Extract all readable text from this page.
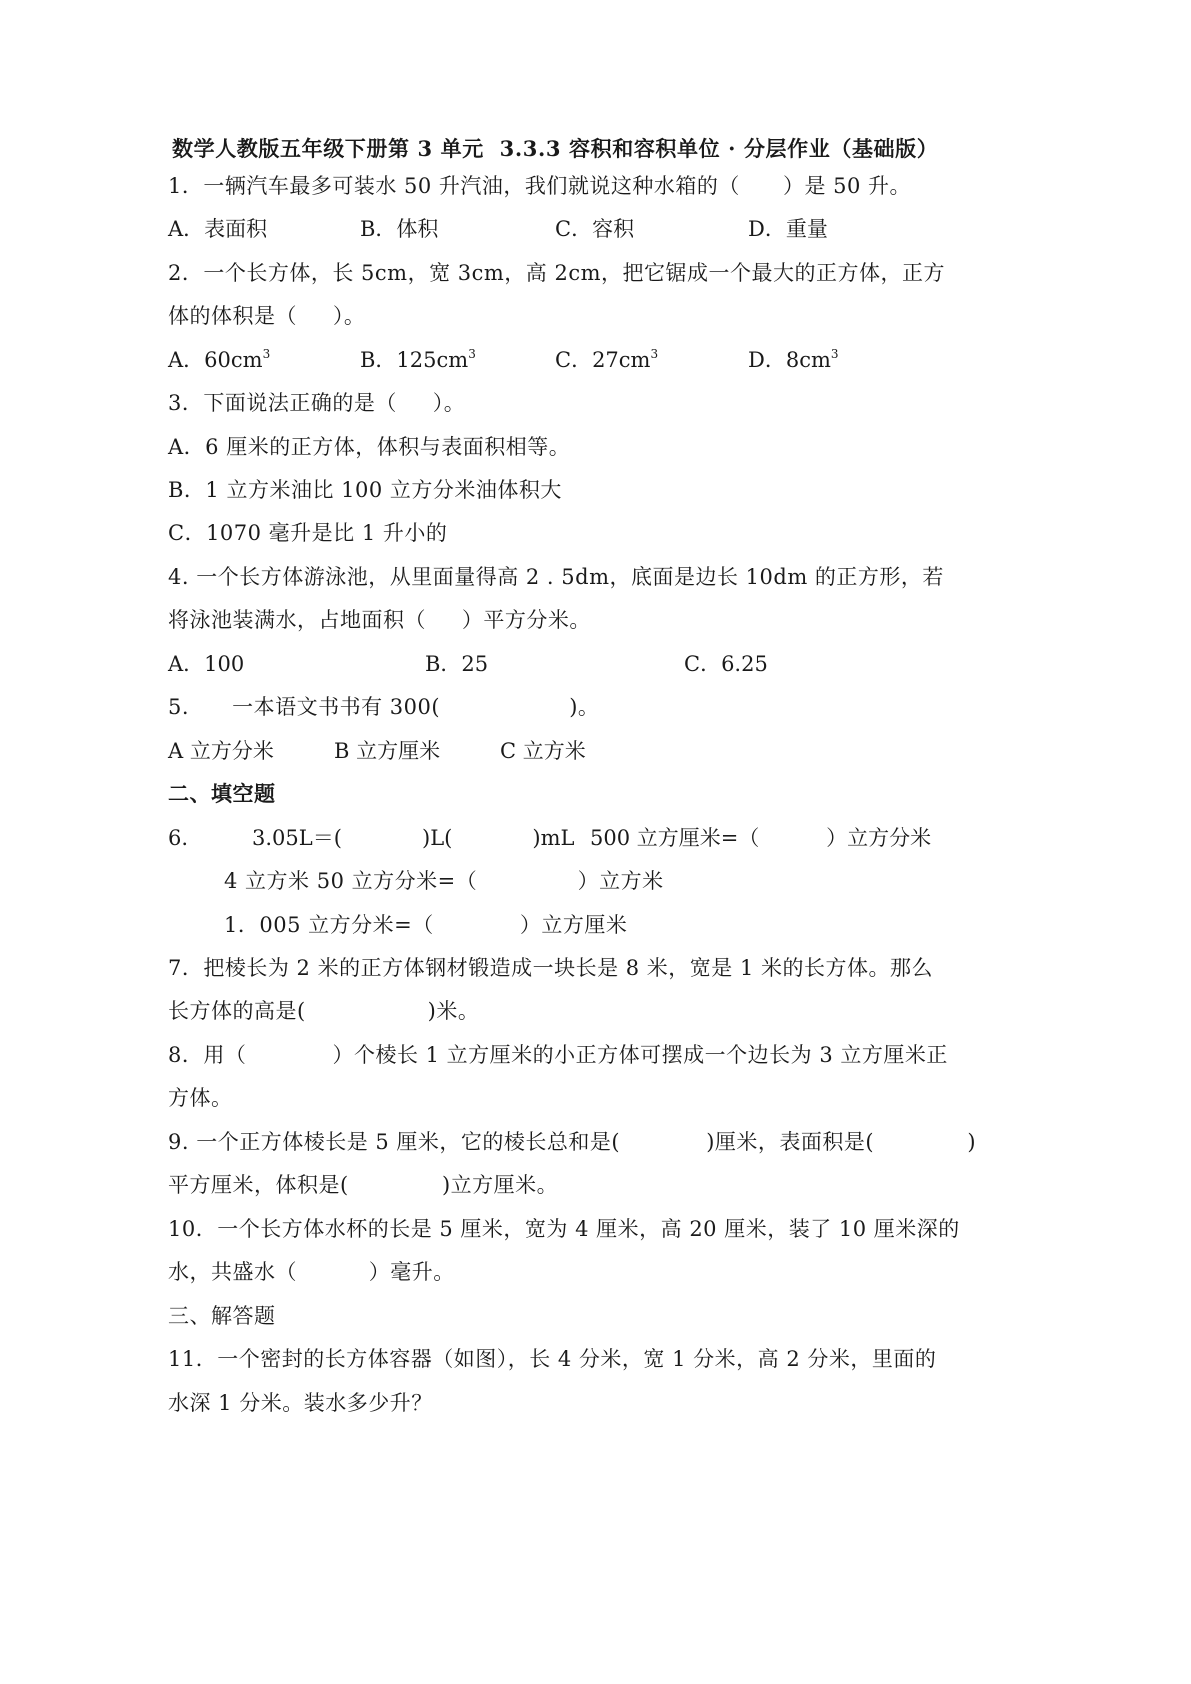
数学人教版五年级下册第 3 单元  3.3.3 容积和容积单位 · 分层作业（基础版）
1．一辆汽车最多可装水 50 升汽油，我们就说这种水箱的（      ）是 50 升。
A．表面积	B．体积	C．容积	D．重量
2．一个长方体，长 5cm，宽 3cm，高 2cm，把它锯成一个最大的正方体，正方
体的体积是（     ）。
A．$60cm^3$	B．$125cm^3$	C．$27cm^3$	D．$8cm^3$
3．下面说法正确的是（     ）。
A．6 厘米的正方体，体积与表面积相等。
B．1 立方米油比 100 立方分米油体积大
C．1070 毫升是比 1 升小的
4. 一个长方体游泳池，从里面量得高 2 . 5dm，底面是边长 10dm 的正方形，若
将泳池装满水，占地面积（     ）平方分米。
A．100	B．25	C．6.25
5.      一本语文书书有 300(                  )。
A 立方分米	B 立方厘米	C 立方米
二、填空题
6.	3.05L＝(            )L(            )mL 500 立方厘米=（          ）立方分米
4 立方米 50 立方分米=（              ）立方米
1．005 立方分米=（            ）立方厘米
7．把棱长为 2 米的正方体钢材锻造成一块长是 8 米，宽是 1 米的长方体。那么
长方体的高是(                 )米。
8．用（            ）个棱长 1 立方厘米的小正方体可摆成一个边长为 3 立方厘米正
方体。
9. 一个正方体棱长是 5 厘米，它的棱长总和是(            )厘米，表面积是(             )
平方厘米，体积是(             )立方厘米。
10．一个长方体水杯的长是 5 厘米，宽为 4 厘米，高 20 厘米，装了 10 厘米深的
水，共盛水（          ）毫升。
三、解答题
11．一个密封的长方体容器（如图），长 4 分米，宽 1 分米，高 2 分米，里面的
水深 1 分米。装水多少升？
